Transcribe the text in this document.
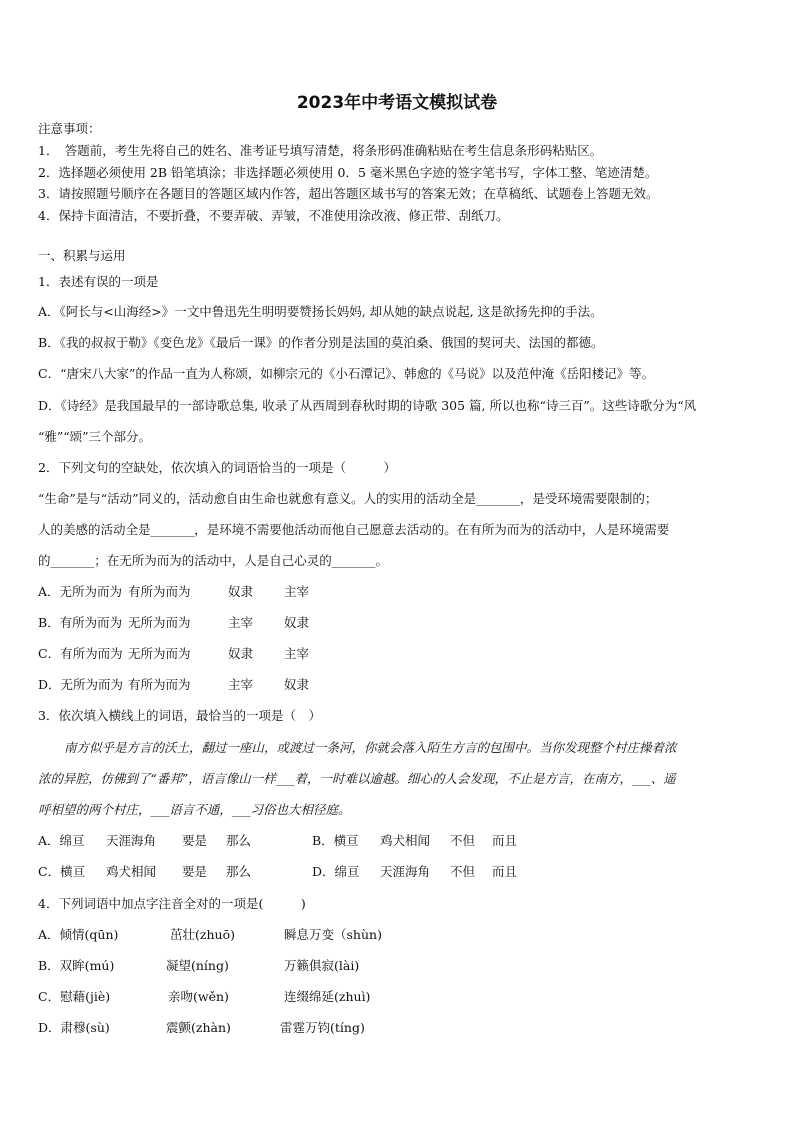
2023年中考语文模拟试卷
注意事项：
1．　答题前，考生先将自己的姓名、准考证号填写清楚，将条形码准确粘贴在考生信息条形码粘贴区。
2．选择题必须使用 2B 铅笔填涂；非选择题必须使用 0．5 毫米黑色字迹的签字笔书写，字体工整、笔迹清楚。
3．请按照题号顺序在各题目的答题区域内作答，超出答题区域书写的答案无效；在草稿纸、试题卷上答题无效。
4．保持卡面清洁，不要折叠，不要弄破、弄皱，不准使用涂改液、修正带、刮纸刀。
一、积累与运用
1．表述有误的一项是
A．《阿长与<山海经>》一文中鲁迅先生明明要赞扬长妈妈, 却从她的缺点说起, 这是欲扬先抑的手法。
B．《我的叔叔于勒》《变色龙》《最后一课》的作者分别是法国的莫泊桑、俄国的契诃夫、法国的都德。
C．“唐宋八大家”的作品一直为人称颂，如柳宗元的《小石潭记》、韩愈的《马说》以及范仲淹《岳阳楼记》等。
D．《诗经》是我国最早的一部诗歌总集, 收录了从西周到春秋时期的诗歌 305 篇, 所以也称“诗三百”。这些诗歌分为“风
“雅”“颂”三个部分。
2．下列文句的空缺处，依次填入的词语恰当的一项是（　　　）
“生命”是与“活动”同义的，活动愈自由生命也就愈有意义。人的实用的活动全是_______，是受环境需要限制的；
人的美感的活动全是_______，是环境不需要他活动而他自己愿意去活动的。在有所为而为的活动中，人是环境需要
的_______；在无所为而为的活动中，人是自己心灵的_______。
A．无所为而为 有所为而为	奴隶 主宰
B．有所为而为 无所为而为	主宰 奴隶
C．有所为而为 无所为而为	奴隶 主宰
D．无所为而为 有所为而为	主宰 奴隶
3．依次填入横线上的词语，最恰当的一项是（　）
南方似乎是方言的沃土，翻过一座山，或渡过一条河，你就会落入陌生方言的包围中。当你发现整个村庄操着浓
浓的异腔，仿佛到了“番邦”，语言像山一样___着，一时难以逾越。细心的人会发现，不止是方言，在南方，___、遥
呼相望的两个村庄，___语言不通，___习俗也大相径庭。
A．绵亘 天涯海角 要是 那么	B．横亘 鸡犬相闻 不但 而且
C．横亘 鸡犬相闻 要是 那么	D．绵亘 天涯海角 不但 而且
4．下列词语中加点字注音全对的一项是(　　　)
A．倾情(qūn)	茁壮(zhuō)	瞬息万变（shùn)
B．双眸(mú)	凝望(níng)	万籁俱寂(lài)
C．慰藉(jiè)	亲吻(wěn)	连缀绵延(zhuì)
D．肃穆(sù)	震颤(zhàn)	雷霆万钧(tíng)
